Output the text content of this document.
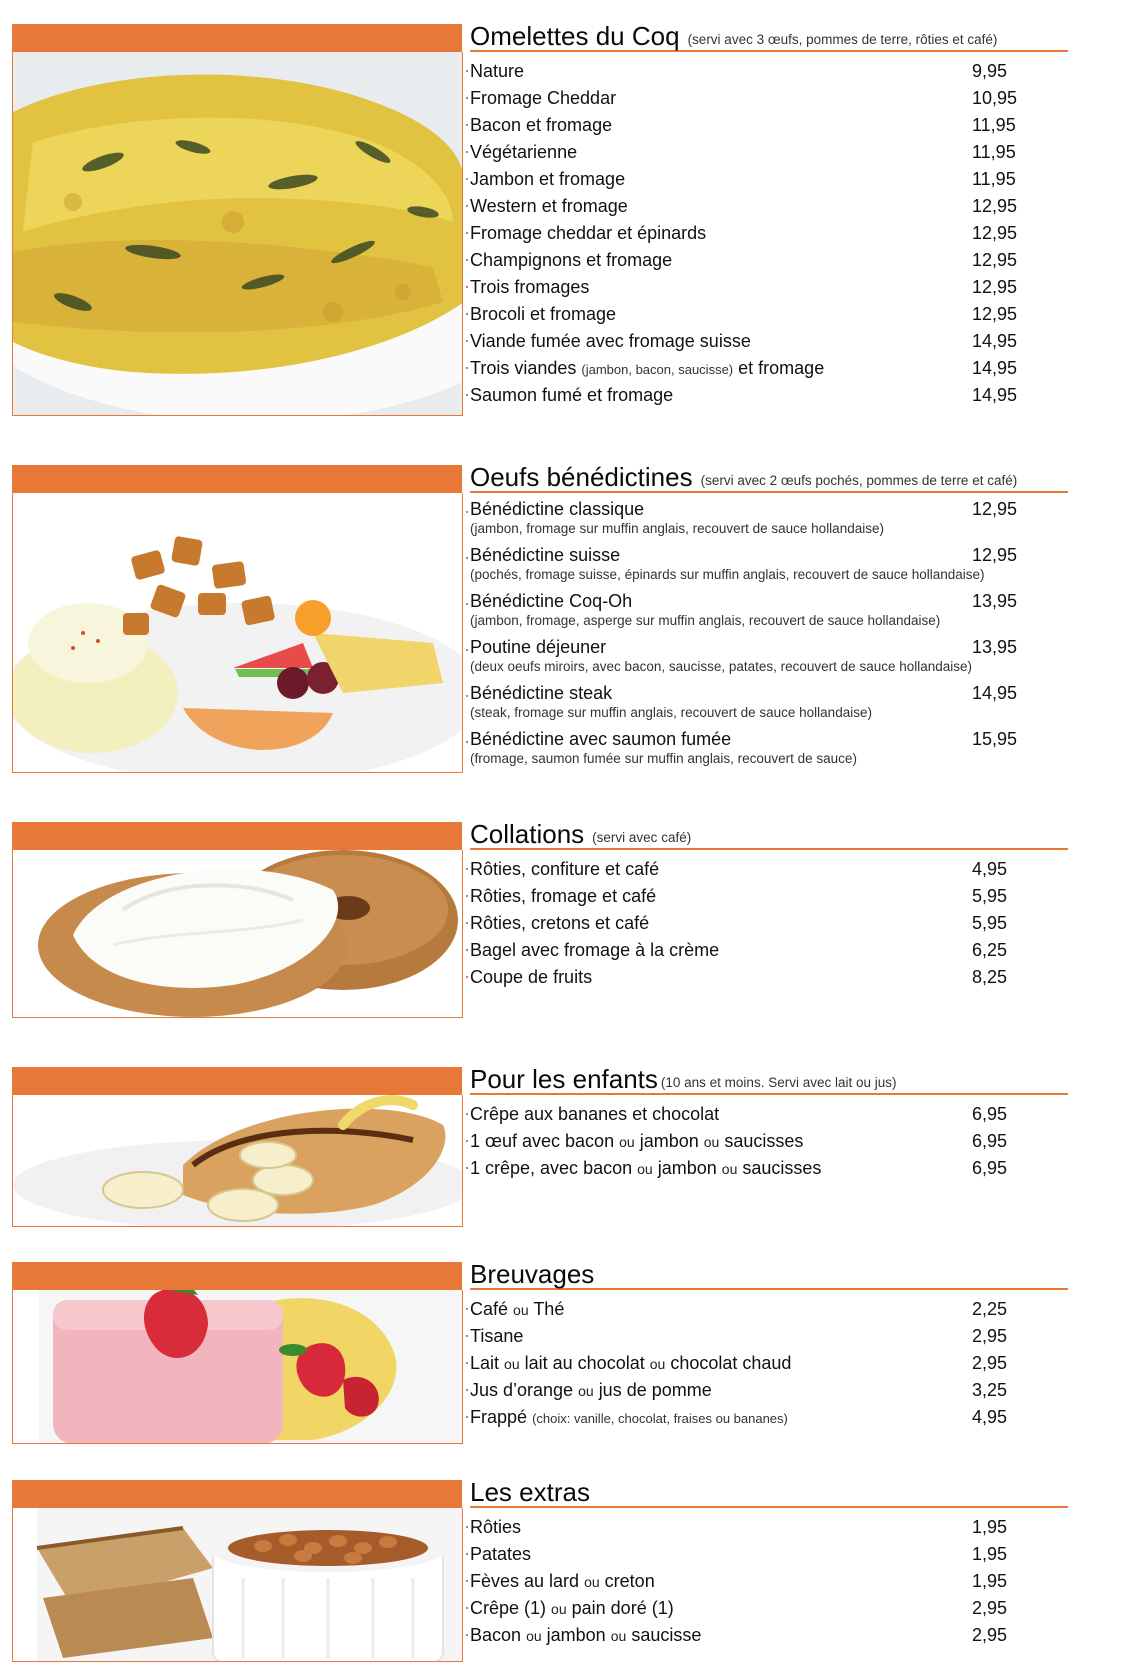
Omelettes du Coq (servi avec 3 œufs, pommes de terre, rôties et café)
Nature	9,95
Fromage Cheddar	10,95
Bacon et fromage	11,95
Végétarienne	11,95
Jambon et fromage	11,95
Western et fromage	12,95
Fromage cheddar et épinards	12,95
Champignons et fromage	12,95
Trois fromages	12,95
Brocoli et fromage	12,95
Viande fumée avec fromage suisse	14,95
Trois viandes (jambon, bacon, saucisse) et fromage	14,95
Saumon fumé et fromage	14,95
Oeufs bénédictines (servi avec 2 œufs pochés, pommes de terre et café)
Bénédictine classique	12,95
(jambon, fromage sur muffin anglais, recouvert de sauce hollandaise)
Bénédictine suisse	12,95
(pochés, fromage suisse, épinards sur muffin anglais, recouvert de sauce hollandaise)
Bénédictine Coq-Oh	13,95
(jambon, fromage, asperge sur muffin anglais, recouvert de sauce hollandaise)
Poutine déjeuner	13,95
(deux oeufs miroirs, avec bacon, saucisse, patates, recouvert de sauce hollandaise)
Bénédictine steak	14,95
(steak, fromage sur muffin anglais, recouvert de sauce hollandaise)
Bénédictine avec saumon fumée	15,95
(fromage, saumon fumée sur muffin anglais, recouvert de sauce)
Collations (servi avec café)
Rôties, confiture et café	4,95
Rôties, fromage et café	5,95
Rôties, cretons et café	5,95
Bagel avec fromage à la crème	6,25
Coupe de fruits	8,25
Pour les enfants (10 ans et moins. Servi avec lait ou jus)
Crêpe aux bananes et chocolat	6,95
1 œuf avec bacon ou jambon ou saucisses	6,95
1 crêpe, avec bacon ou jambon ou saucisses	6,95
Breuvages
Café ou Thé	2,25
Tisane	2,95
Lait ou lait au chocolat ou chocolat chaud	2,95
Jus d’orange ou jus de pomme	3,25
Frappé (choix: vanille, chocolat, fraises ou bananes)	4,95
Les extras
Rôties	1,95
Patates	1,95
Fèves au lard ou creton	1,95
Crêpe (1) ou pain doré (1)	2,95
Bacon ou jambon ou saucisse	2,95
